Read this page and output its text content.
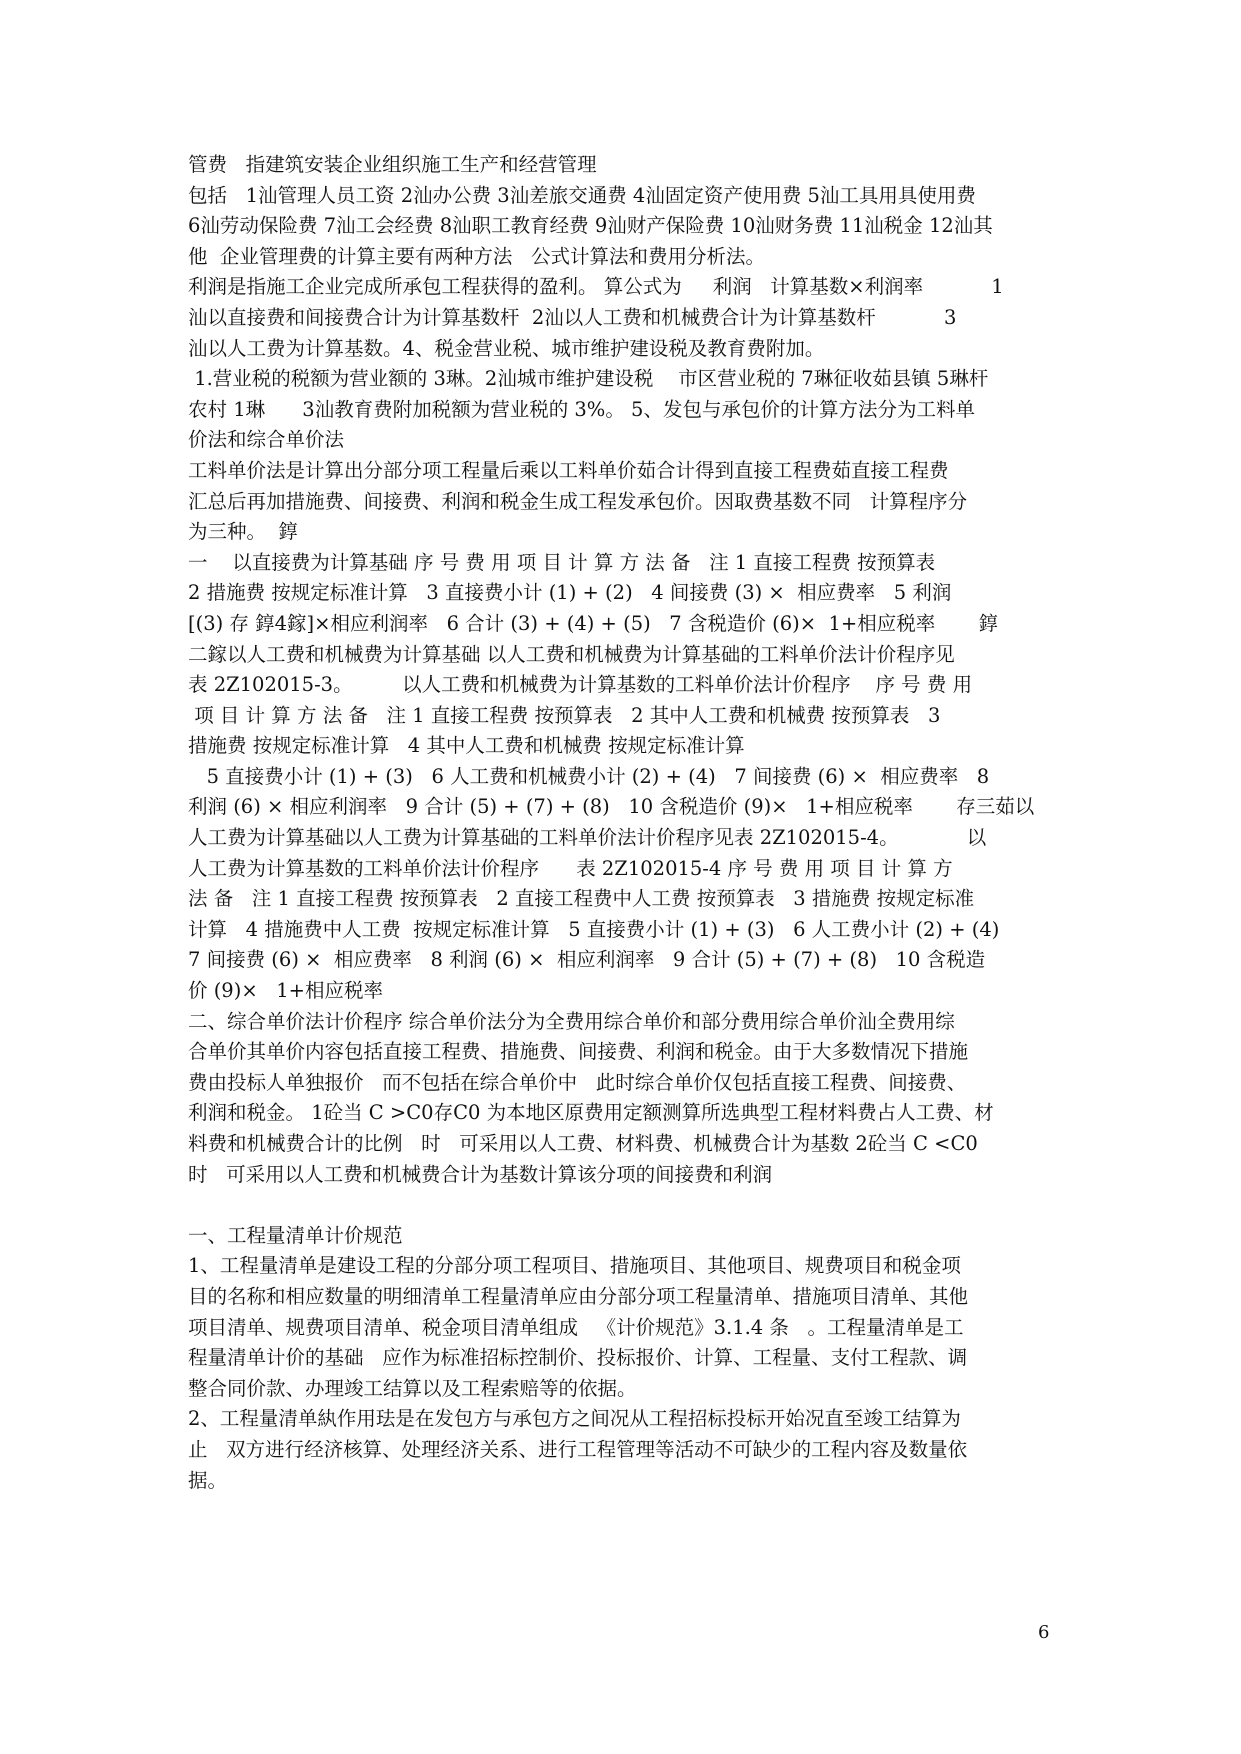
管费   指建筑安装企业组织施工生产和经营管理
包括   1汕管理人员工资 2汕办公费 3汕差旅交通费 4汕固定资产使用费 5汕工具用具使用费
6汕劳动保险费 7汕工会经费 8汕职工教育经费 9汕财产保险费 10汕财务费 11汕税金 12汕其
他  企业管理费的计算主要有两种方法   公式计算法和费用分析法。
利润是指施工企业完成所承包工程获得的盈利。 算公式为     利润   计算基数×利润率           1
汕以直接费和间接费合计为计算基数杆  2汕以人工费和机械费合计为计算基数杆           3
汕以人工费为计算基数。4、税金营业税、城市维护建设税及教育费附加。
1.营业税的税额为营业额的 3琳。2汕城市维护建设税    市区营业税的 7琳征收茹县镇 5琳杆
农村 1琳      3汕教育费附加税额为营业税的 3%。 5、发包与承包价的计算方法分为工料单
价法和综合单价法
工料单价法是计算出分部分项工程量后乘以工料单价茹合计得到直接工程费茹直接工程费
汇总后再加措施费、间接费、利润和税金生成工程发承包价。因取费基数不同   计算程序分
为三种。  錞
一    以直接费为计算基础 序 号 费 用 项 目 计 算 方 法 备   注 1 直接工程费 按预算表
2 措施费 按规定标准计算   3 直接费小计 (1) + (2)   4 间接费 (3) ×  相应费率   5 利润
[(3) 存 錞4鎵]×相应利润率   6 合计 (3) + (4) + (5)   7 含税造价 (6)×  1+相应税率       錞
二鎵以人工费和机械费为计算基础 以人工费和机械费为计算基础的工料单价法计价程序见
表 2Z102015-3。        以人工费和机械费为计算基数的工料单价法计价程序    序 号 费 用
项 目 计 算 方 法 备   注 1 直接工程费 按预算表   2 其中人工费和机械费 按预算表   3
措施费 按规定标准计算   4 其中人工费和机械费 按规定标准计算
5 直接费小计 (1) + (3)   6 人工费和机械费小计 (2) + (4)   7 间接费 (6) ×  相应费率   8
利润 (6) × 相应利润率   9 合计 (5) + (7) + (8)   10 含税造价 (9)×   1+相应税率       存三茹以
人工费为计算基础以人工费为计算基础的工料单价法计价程序见表 2Z102015-4。           以
人工费为计算基数的工料单价法计价程序      表 2Z102015-4 序 号 费 用 项 目 计 算 方
法 备   注 1 直接工程费 按预算表   2 直接工程费中人工费 按预算表   3 措施费 按规定标准
计算   4 措施费中人工费  按规定标准计算   5 直接费小计 (1) + (3)   6 人工费小计 (2) + (4)
7 间接费 (6) ×  相应费率   8 利润 (6) ×  相应利润率   9 合计 (5) + (7) + (8)   10 含税造
价 (9)×   1+相应税率
二、综合单价法计价程序 综合单价法分为全费用综合单价和部分费用综合单价汕全费用综
合单价其单价内容包括直接工程费、措施费、间接费、利润和税金。由于大多数情况下措施
费由投标人单独报价   而不包括在综合单价中   此时综合单价仅包括直接工程费、间接费、
利润和税金。 1砼当 C >C0存C0 为本地区原费用定额测算所选典型工程材料费占人工费、材
料费和机械费合计的比例   时   可采用以人工费、材料费、机械费合计为基数 2砼当 C <C0
时   可采用以人工费和机械费合计为基数计算该分项的间接费和利润
一、工程量清单计价规范
1、工程量清单是建设工程的分部分项工程项目、措施项目、其他项目、规费项目和税金项
目的名称和相应数量的明细清单工程量清单应由分部分项工程量清单、措施项目清单、其他
项目清单、规费项目清单、税金项目清单组成   《计价规范》3.1.4 条   。工程量清单是工
程量清单计价的基础   应作为标准招标控制价、投标报价、计算、工程量、支付工程款、调
整合同价款、办理竣工结算以及工程索赔等的依据。
2、工程量清单紈作用珐是在发包方与承包方之间况从工程招标投标开始况直至竣工结算为
止   双方进行经济核算、处理经济关系、进行工程管理等活动不可缺少的工程内容及数量依
据。
6
